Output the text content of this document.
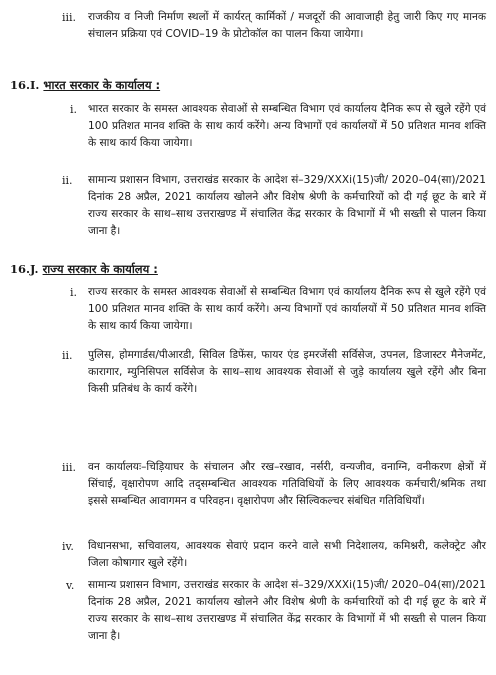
iii. राजकीय व निजी निर्माण स्थलों में कार्यरत् कार्मिकों / मजदूरों की आवाजाही हेतु जारी किए गए मानक संचालन प्रक्रिया एवं COVID–19 के प्रोटोकॉल का पालन किया जायेगा।
16.I. भारत सरकार के कार्यालय :
i. भारत सरकार के समस्त आवश्यक सेवाओं से सम्बन्धित विभाग एवं कार्यालय दैनिक रूप से खुले रहेंगे एवं 100 प्रतिशत मानव शक्ति के साथ कार्य करेंगे। अन्य विभागों एवं कार्यालयों में 50 प्रतिशत मानव शक्ति के साथ कार्य किया जायेगा।
ii. सामान्य प्रशासन विभाग, उत्तराखंड सरकार के आदेश सं–329/XXXi(15)जी/ 2020–04(सा)/2021 दिनांक 28 अप्रैल, 2021 कार्यालय खोलने और विशेष श्रेणी के कर्मचारियों को दी गई छूट के बारे में राज्य सरकार के साथ–साथ उत्तराखण्ड में संचालित केंद्र सरकार के विभागों में भी सख्ती से पालन किया जाना है।
16.J. राज्य सरकार के कार्यालय :
i. राज्य सरकार के समस्त आवश्यक सेवाओं से सम्बन्धित विभाग एवं कार्यालय दैनिक रूप से खुले रहेंगे एवं 100 प्रतिशत मानव शक्ति के साथ कार्य करेंगे। अन्य विभागों एवं कार्यालयों में 50 प्रतिशत मानव शक्ति के साथ कार्य किया जायेगा।
ii. पुलिस, होमगार्डस/पीआरडी, सिविल डिफेंस, फायर एंड इमरजेंसी सर्विसेज, उपनल, डिजास्टर मैनेजमेंट, कारागार, म्युनिसिपल सर्विसेज के साथ–साथ आवश्यक सेवाओं से जुड़े कार्यालय खुले रहेंगे और बिना किसी प्रतिबंध के कार्य करेंगे।
iii. वन कार्यालयः–चिड़ियाघर के संचालन और रख–रखाव, नर्सरी, वन्यजीव, वनाग्नि, वनीकरण क्षेत्रों में सिंचाई, वृक्षारोपण आदि तद्सम्बन्धित आवश्यक गतिविधियों के लिए आवश्यक कर्मचारी/श्रमिक तथा इससे सम्बन्धित आवागमन व परिवहन। वृक्षारोपण और सिल्विकल्चर संबंधित गतिविधियाँ।
iv. विधानसभा, सचिवालय, आवश्यक सेवाएं प्रदान करने वाले सभी निदेशालय, कमिश्नरी, कलेक्ट्रेट और जिला कोषागार खुले रहेंगे।
v. सामान्य प्रशासन विभाग, उत्तराखंड सरकार के आदेश सं–329/XXXi(15)जी/ 2020–04(सा)/2021 दिनांक 28 अप्रैल, 2021 कार्यालय खोलने और विशेष श्रेणी के कर्मचारियों को दी गई छूट के बारे में राज्य सरकार के साथ–साथ उत्तराखण्ड में संचालित केंद्र सरकार के विभागों में भी सख्ती से पालन किया जाना है।
